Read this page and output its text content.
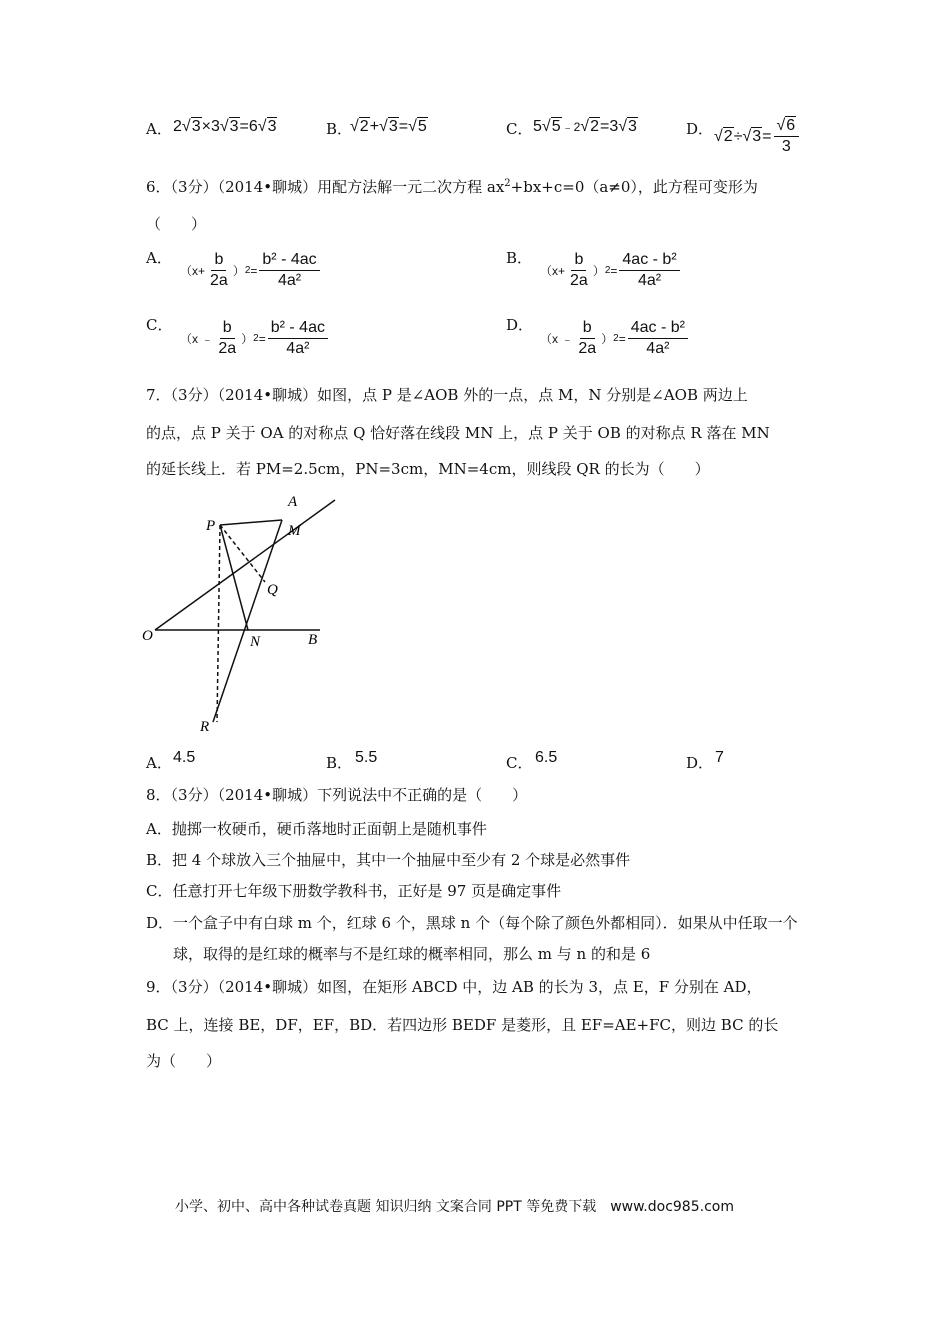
A． 2√3×3√3=6√3	B．
√2+√3=√5	C． 5√5﹣2√2=3√3	D． $√2 \div √3 = \frac{√6}{3}$
6．（3分）（2014•聊城）用配方法解一元二次方程 $ax^2+bx+c=0(a\ne 0)$，此方程可变形为
（　　）
A．
（$x+ \frac{b}{2a}$ ） $2 = \frac{\text{b² - 4ac}}{\text{4a²}}$	B．
（$x+ \frac{b}{2a}$ ） $2 = \frac{\text{4ac - b²}}{\text{4a²}}$
C．
（x ﹣ $\frac{b}{2a}$ ） $2 = \frac{\text{b² - 4ac}}{\text{4a²}}$	D．
（x ﹣ $\frac{b}{2a}$ ） $2 = \frac{\text{4ac - b²}}{\text{4a²}}$
7．（3分）（2014•聊城）如图，点 P 是∠AOB 外的一点，点 M，N 分别是∠AOB 两边上
的点，点 P 关于 OA 的对称点 Q 恰好落在线段 MN 上，点 P 关于 OB 的对称点 R 落在 MN
的延长线上．若 PM=2.5cm，PN=3cm，MN=4cm，则线段 QR 的长为（　　）
A
M
P
Q
O	N	B
R
A． 4.5	B． 5.5	C． 6.5	D． 7
8．（3分）（2014•聊城）下列说法中不正确的是（　　）
A．抛掷一枚硬币，硬币落地时正面朝上是随机事件
B．把 4 个球放入三个抽屉中，其中一个抽屉中至少有 2 个球是必然事件
C．任意打开七年级下册数学教科书，正好是 97 页是确定事件
D．一个盒子中有白球 m 个，红球 6 个，黑球 n 个（每个除了颜色外都相同）．如果从中任取一个
球，取得的是红球的概率与不是红球的概率相同，那么 m 与 n 的和是 6
9．（3分）（2014•聊城）如图，在矩形 ABCD 中，边 AB 的长为 3，点 E，F 分别在 AD，
BC 上，连接 BE，DF，EF，BD．若四边形 BEDF 是菱形，且 EF=AE+FC，则边 BC 的长
为（　　）
小学、初中、高中各种试卷真题 知识归纳 文案合同 PPT 等免费下载　www.doc985.com
